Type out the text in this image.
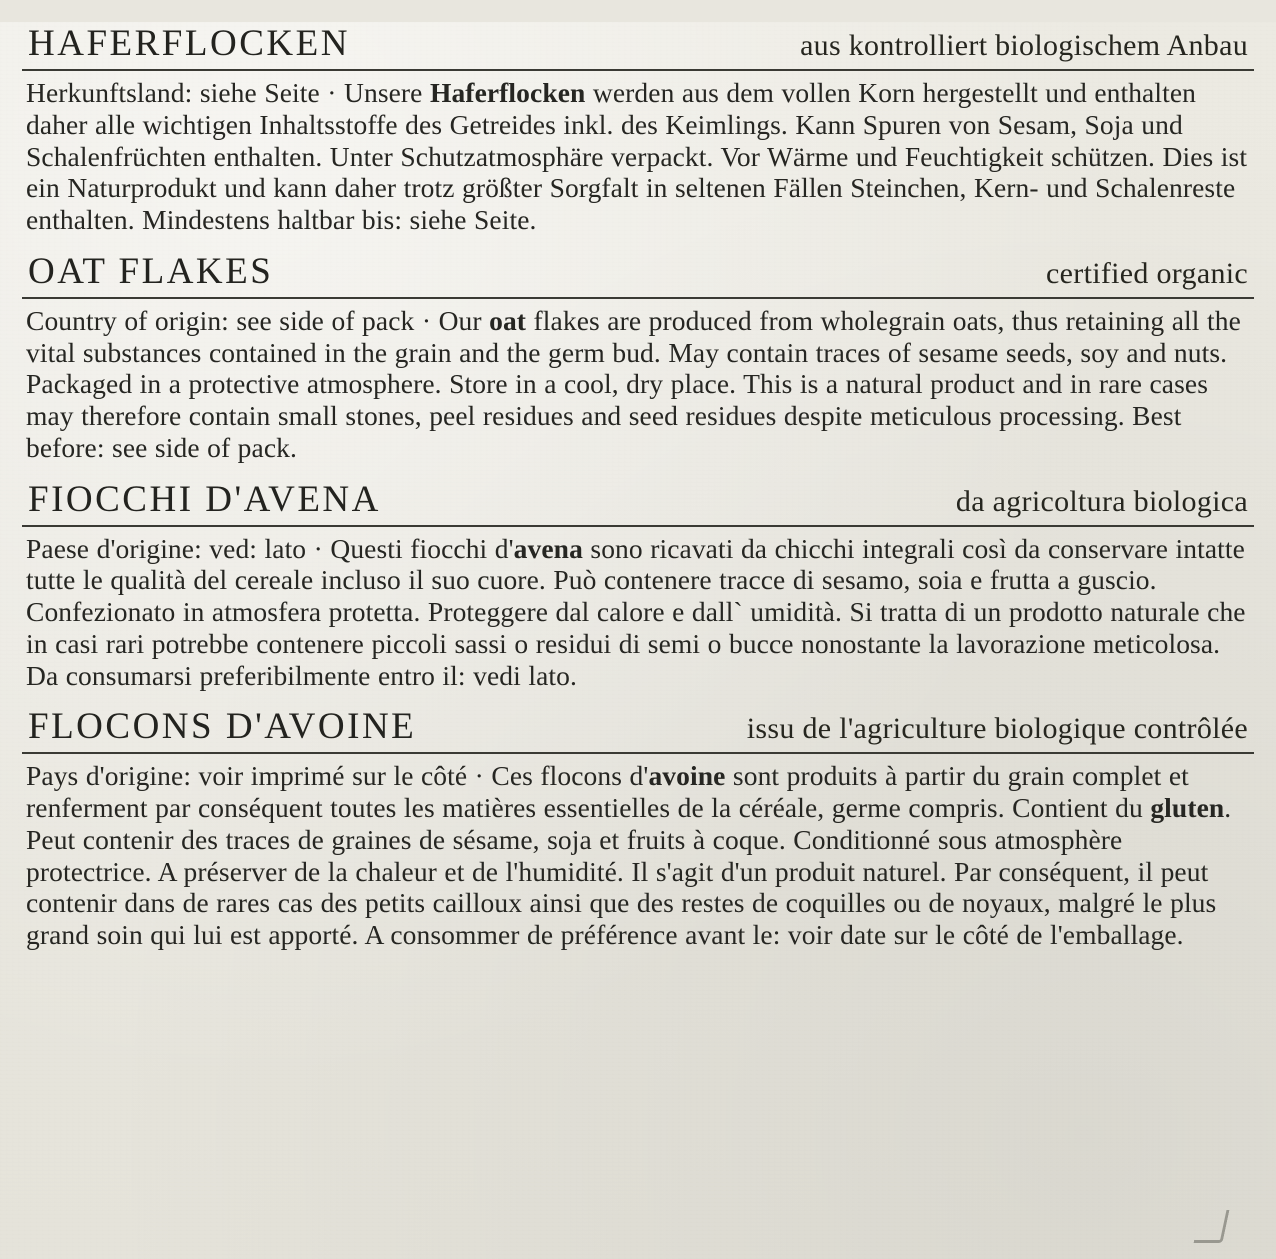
HAFERFLOCKEN	aus kontrolliert biologischem Anbau
Herkunftsland: siehe Seite · Unsere Haferflocken werden aus dem vollen Korn hergestellt und enthalten daher alle wichtigen Inhaltsstoffe des Getreides inkl. des Keimlings. Kann Spuren von Sesam, Soja und Schalenfrüchten enthalten. Unter Schutzatmosphäre verpackt. Vor Wärme und Feuchtigkeit schützen. Dies ist ein Naturprodukt und kann daher trotz größter Sorgfalt in seltenen Fällen Steinchen, Kern- und Schalenreste enthalten. Mindestens haltbar bis: siehe Seite.
OAT FLAKES	certified organic
Country of origin: see side of pack · Our oat flakes are produced from wholegrain oats, thus retaining all the vital substances contained in the grain and the germ bud. May contain traces of sesame seeds, soy and nuts. Packaged in a protective atmosphere. Store in a cool, dry place. This is a natural product and in rare cases may therefore contain small stones, peel residues and seed residues despite meticulous processing. Best before: see side of pack.
FIOCCHI D'AVENA	da agricoltura biologica
Paese d'origine: ved: lato · Questi fiocchi d'avena sono ricavati da chicchi integrali così da conservare intatte tutte le qualità del cereale incluso il suo cuore. Può contenere tracce di sesamo, soia e frutta a guscio. Confezionato in atmosfera protetta. Proteggere dal calore e dall` umidità. Si tratta di un prodotto naturale che in casi rari potrebbe contenere piccoli sassi o residui di semi o bucce nonostante la lavorazione meticolosa. Da consumarsi preferibilmente entro il: vedi lato.
FLOCONS D'AVOINE	issu de l'agriculture biologique contrôlée
Pays d'origine: voir imprimé sur le côté · Ces flocons d'avoine sont produits à partir du grain complet et renferment par conséquent toutes les matières essentielles de la céréale, germe compris. Contient du gluten. Peut contenir des traces de graines de sésame, soja et fruits à coque. Conditionné sous atmosphère protectrice. A préserver de la chaleur et de l'humidité. Il s'agit d'un produit naturel. Par conséquent, il peut contenir dans de rares cas des petits cailloux ainsi que des restes de coquilles ou de noyaux, malgré le plus grand soin qui lui est apporté. A consommer de préférence avant le: voir date sur le côté de l'emballage.
